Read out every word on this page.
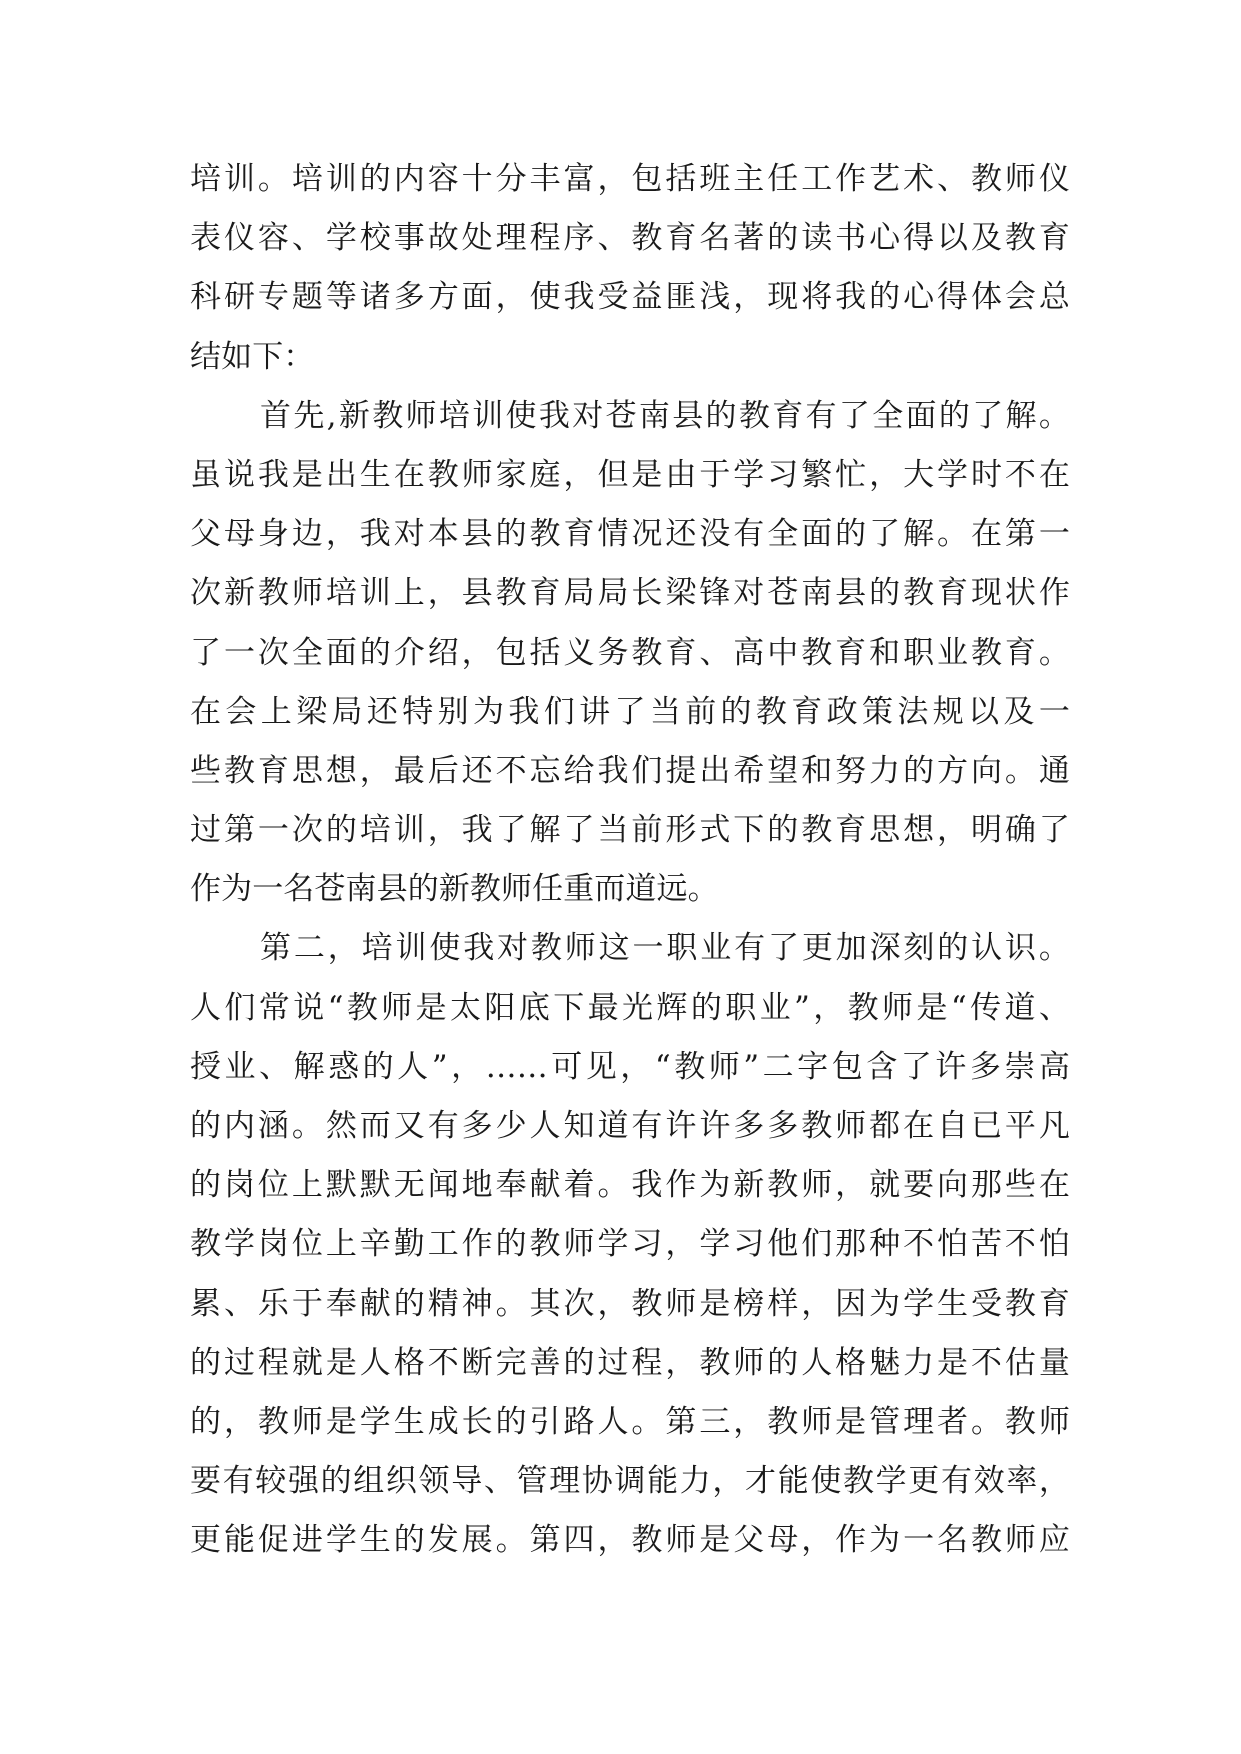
培训。培训的内容十分丰富，包括班主任工作艺术、教师仪
表仪容、学校事故处理程序、教育名著的读书心得以及教育
科研专题等诸多方面，使我受益匪浅，现将我的心得体会总
结如下：
首先,新教师培训使我对苍南县的教育有了全面的了解。
虽说我是出生在教师家庭，但是由于学习繁忙，大学时不在
父母身边，我对本县的教育情况还没有全面的了解。在第一
次新教师培训上，县教育局局长梁锋对苍南县的教育现状作
了一次全面的介绍，包括义务教育、高中教育和职业教育。
在会上梁局还特别为我们讲了当前的教育政策法规以及一
些教育思想，最后还不忘给我们提出希望和努力的方向。通
过第一次的培训，我了解了当前形式下的教育思想，明确了
作为一名苍南县的新教师任重而道远。
第二，培训使我对教师这一职业有了更加深刻的认识。
人们常说“教师是太阳底下最光辉的职业”，教师是“传道、
授业、解惑的人”，……可见，“教师”二字包含了许多崇高
的内涵。然而又有多少人知道有许许多多教师都在自已平凡
的岗位上默默无闻地奉献着。我作为新教师，就要向那些在
教学岗位上辛勤工作的教师学习，学习他们那种不怕苦不怕
累、乐于奉献的精神。其次，教师是榜样，因为学生受教育
的过程就是人格不断完善的过程，教师的人格魅力是不估量
的，教师是学生成长的引路人。第三，教师是管理者。教师
要有较强的组织领导、管理协调能力，才能使教学更有效率，
更能促进学生的发展。第四，教师是父母，作为一名教师应
